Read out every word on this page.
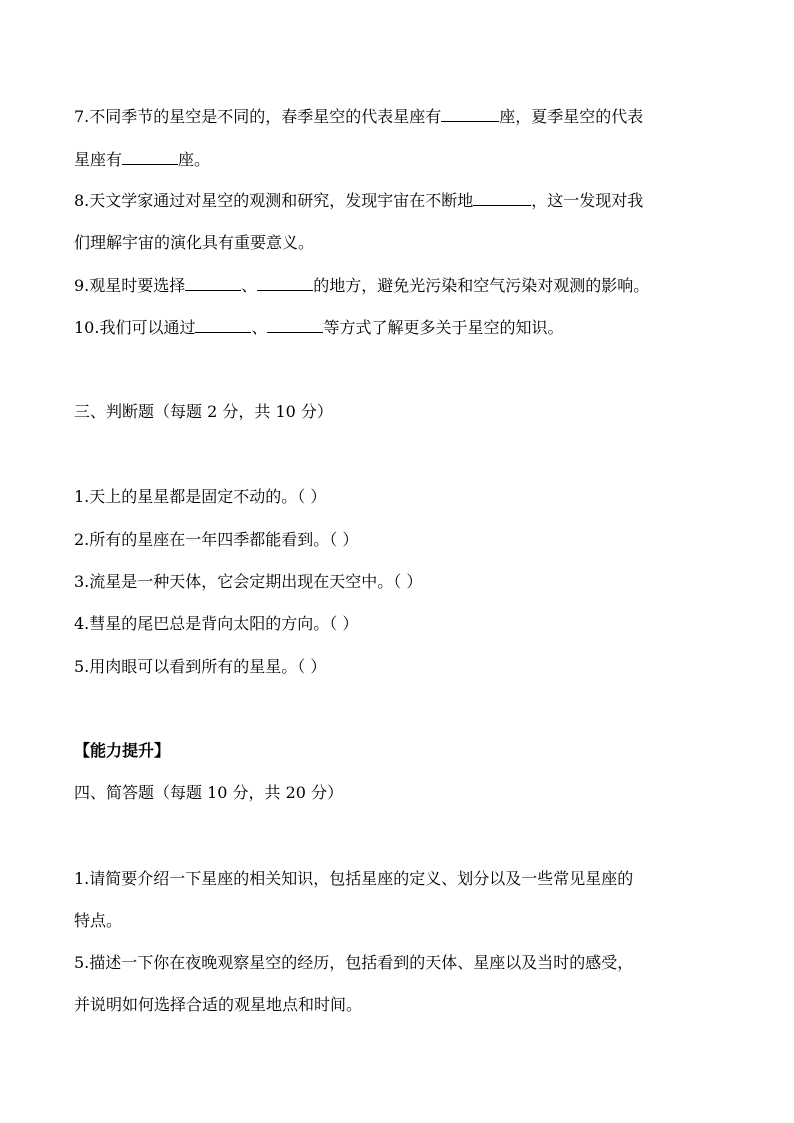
7.不同季节的星空是不同的，春季星空的代表星座有	座，夏季星空的代表
星座有	座。
8.天文学家通过对星空的观测和研究，发现宇宙在不断地	，这一发现对我
们理解宇宙的演化具有重要意义。
9.观星时要选择	、	的地方，避免光污染和空气污染对观测的影响。
10.我们可以通过	、	等方式了解更多关于星空的知识。
三、判断题（每题 2 分，共 10 分）
1.天上的星星都是固定不动的。（ ）
2.所有的星座在一年四季都能看到。（ ）
3.流星是一种天体，它会定期出现在天空中。（ ）
4.彗星的尾巴总是背向太阳的方向。（ ）
5.用肉眼可以看到所有的星星。（ ）
【能力提升】
四、简答题（每题 10 分，共 20 分）
1.请简要介绍一下星座的相关知识，包括星座的定义、划分以及一些常见星座的
特点。
5.描述一下你在夜晚观察星空的经历，包括看到的天体、星座以及当时的感受，
并说明如何选择合适的观星地点和时间。
